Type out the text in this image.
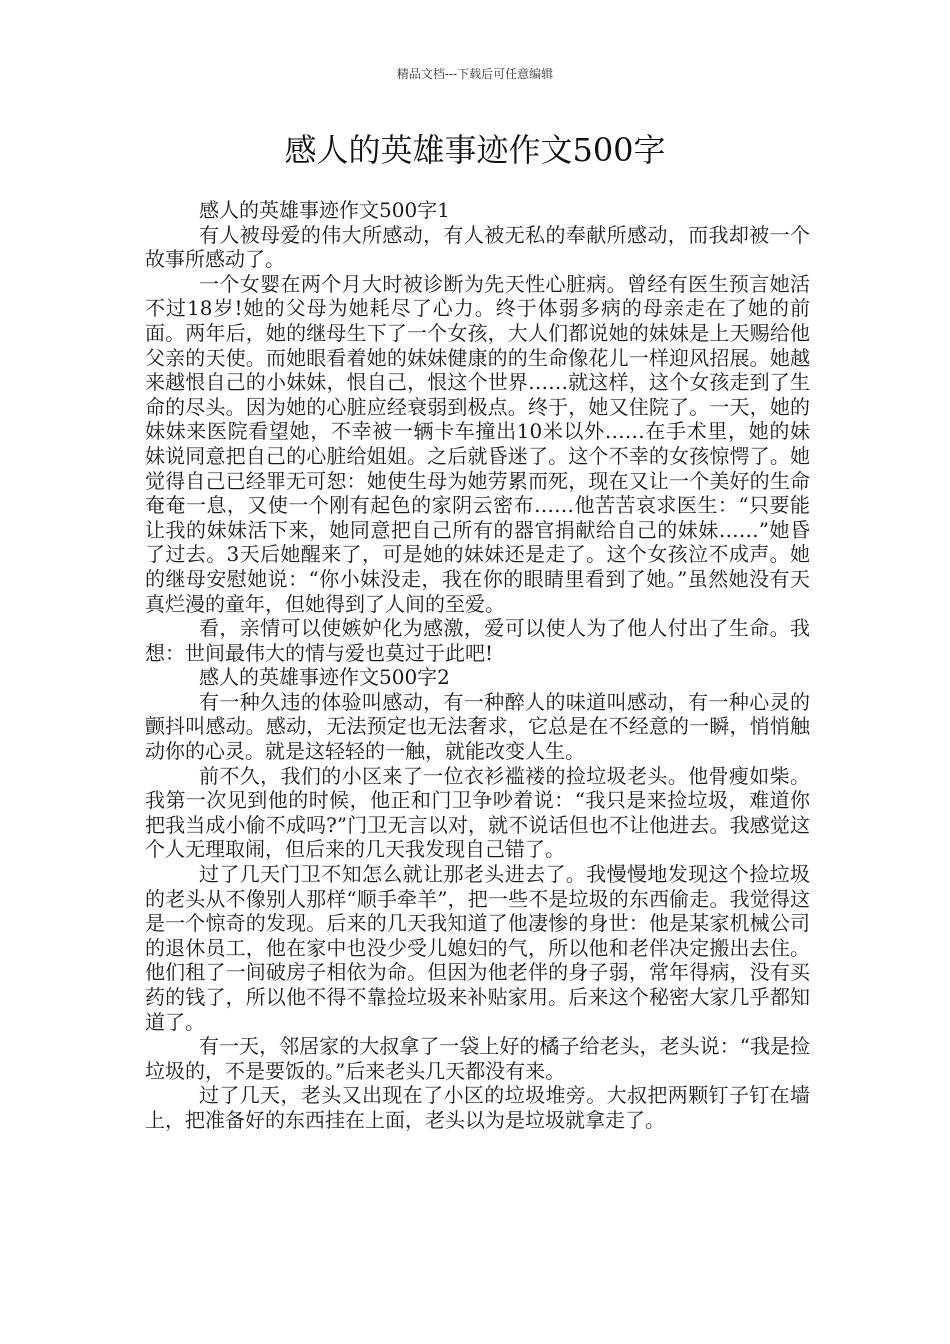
精品文档---下载后可任意编辑
感人的英雄事迹作文500字

感人的英雄事迹作文500字1

有人被母爱的伟大所感动，有人被无私的奉献所感动，而我却被一个故事所感动了。

一个女婴在两个月大时被诊断为先天性心脏病。曾经有医生预言她活不过18岁!她的父母为她耗尽了心力。终于体弱多病的母亲走在了她的前面。两年后，她的继母生下了一个女孩，大人们都说她的妹妹是上天赐给他父亲的天使。而她眼看着她的妹妹健康的的生命像花儿一样迎风招展。她越来越恨自己的小妹妹，恨自己，恨这个世界……就这样，这个女孩走到了生命的尽头。因为她的心脏应经衰弱到极点。终于，她又住院了。一天，她的妹妹来医院看望她，不幸被一辆卡车撞出10米以外……在手术里，她的妹妹说同意把自己的心脏给姐姐。之后就昏迷了。这个不幸的女孩惊愕了。她觉得自己已经罪无可恕：她使生母为她劳累而死，现在又让一个美好的生命奄奄一息，又使一个刚有起色的家阴云密布……他苦苦哀求医生：“只要能让我的妹妹活下来，她同意把自己所有的器官捐献给自己的妹妹……”她昏了过去。3天后她醒来了，可是她的妹妹还是走了。这个女孩泣不成声。她的继母安慰她说：“你小妹没走，我在你的眼睛里看到了她。”虽然她没有天真烂漫的童年，但她得到了人间的至爱。

看，亲情可以使嫉妒化为感激，爱可以使人为了他人付出了生命。我想：世间最伟大的情与爱也莫过于此吧!

感人的英雄事迹作文500字2

有一种久违的体验叫感动，有一种醉人的味道叫感动，有一种心灵的颤抖叫感动。感动，无法预定也无法奢求，它总是在不经意的一瞬，悄悄触动你的心灵。就是这轻轻的一触，就能改变人生。

前不久，我们的小区来了一位衣衫褴褛的捡垃圾老头。他骨瘦如柴。我第一次见到他的时候，他正和门卫争吵着说：“我只是来捡垃圾，难道你把我当成小偷不成吗?”门卫无言以对，就不说话但也不让他进去。我感觉这个人无理取闹，但后来的几天我发现自己错了。

过了几天门卫不知怎么就让那老头进去了。我慢慢地发现这个捡垃圾的老头从不像别人那样“顺手牵羊”，把一些不是垃圾的东西偷走。我觉得这是一个惊奇的发现。后来的几天我知道了他凄惨的身世：他是某家机械公司的退休员工，他在家中也没少受儿媳妇的气，所以他和老伴决定搬出去住。他们租了一间破房子相依为命。但因为他老伴的身子弱，常年得病，没有买药的钱了，所以他不得不靠捡垃圾来补贴家用。后来这个秘密大家几乎都知道了。

有一天，邻居家的大叔拿了一袋上好的橘子给老头，老头说：“我是捡垃圾的，不是要饭的。”后来老头几天都没有来。

过了几天，老头又出现在了小区的垃圾堆旁。大叔把两颗钉子钉在墙上，把准备好的东西挂在上面，老头以为是垃圾就拿走了。
